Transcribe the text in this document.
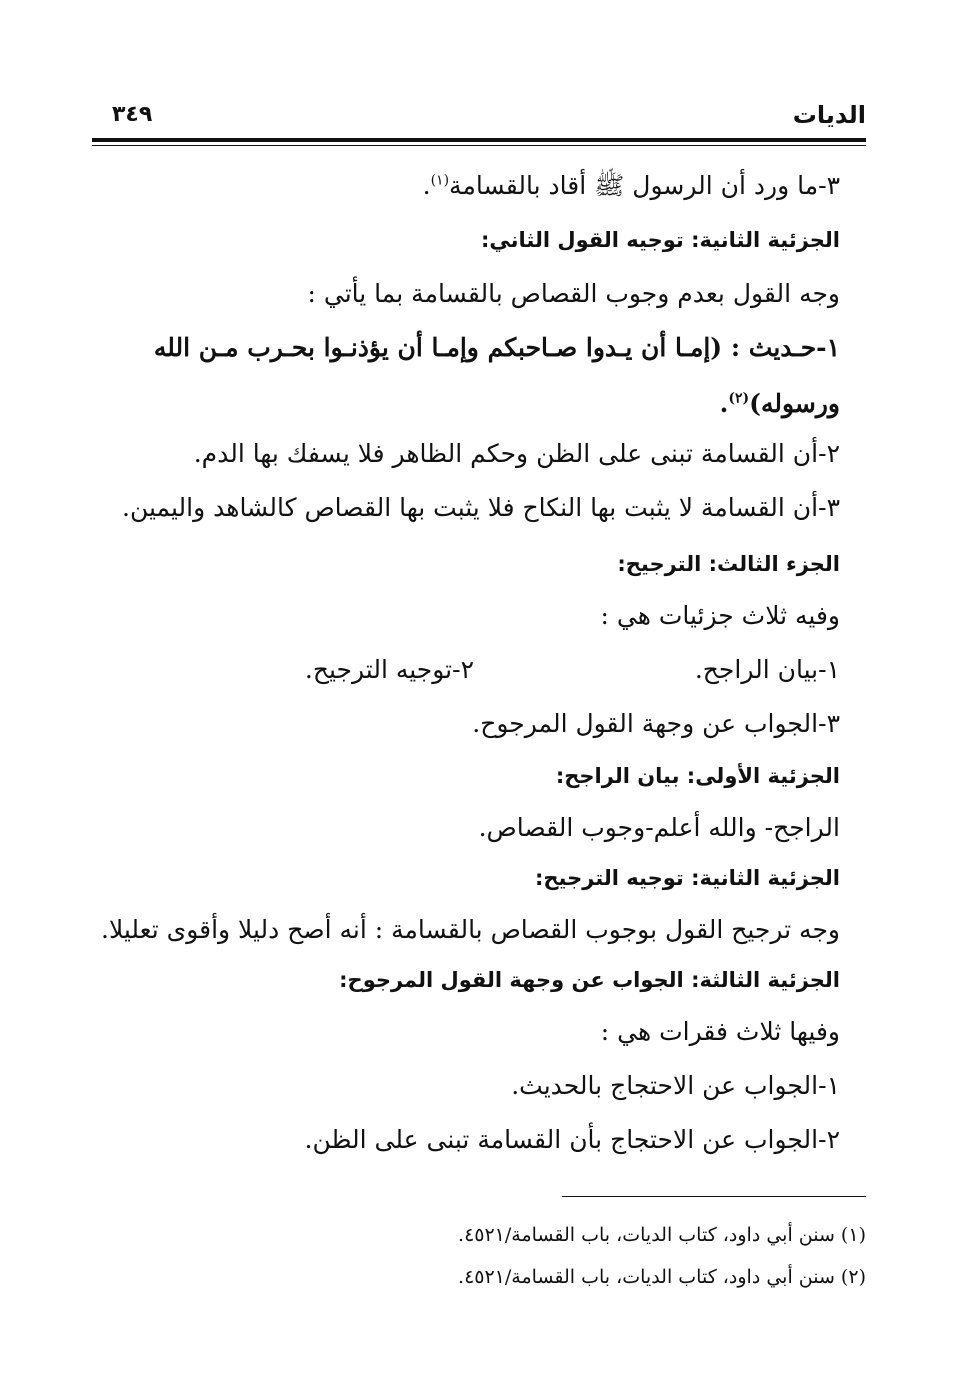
الديات
٣٤٩
٣-ما ورد أن الرسول ﷺ أقاد بالقسامة$^{(١)}$.
الجزئية الثانية: توجيه القول الثاني:
وجه القول بعدم وجوب القصاص بالقسامة بما يأتي :
١-حـديث : (إمـا أن يـدوا صـاحبكم وإمـا أن يؤذنـوا بحـرب مـن الله
ورسوله)$^{(٢)}$.
٢-أن القسامة تبنى على الظن وحكم الظاهر فلا يسفك بها الدم.
٣-أن القسامة لا يثبت بها النكاح فلا يثبت بها القصاص كالشاهد واليمين.
الجزء الثالث: الترجيح:
وفيه ثلاث جزئيات هي :
١-بيان الراجح.
٢-توجيه الترجيح.
٣-الجواب عن وجهة القول المرجوح.
الجزئية الأولى: بيان الراجح:
الراجح- والله أعلم-وجوب القصاص.
الجزئية الثانية: توجيه الترجيح:
وجه ترجيح القول بوجوب القصاص بالقسامة : أنه أصح دليلا وأقوى تعليلا.
الجزئية الثالثة: الجواب عن وجهة القول المرجوح:
وفيها ثلاث فقرات هي :
١-الجواب عن الاحتجاج بالحديث.
٢-الجواب عن الاحتجاج بأن القسامة تبنى على الظن.
(١) سنن أبي داود، كتاب الديات، باب القسامة/٤٥٢١.
(٢) سنن أبي داود، كتاب الديات، باب القسامة/٤٥٢١.
